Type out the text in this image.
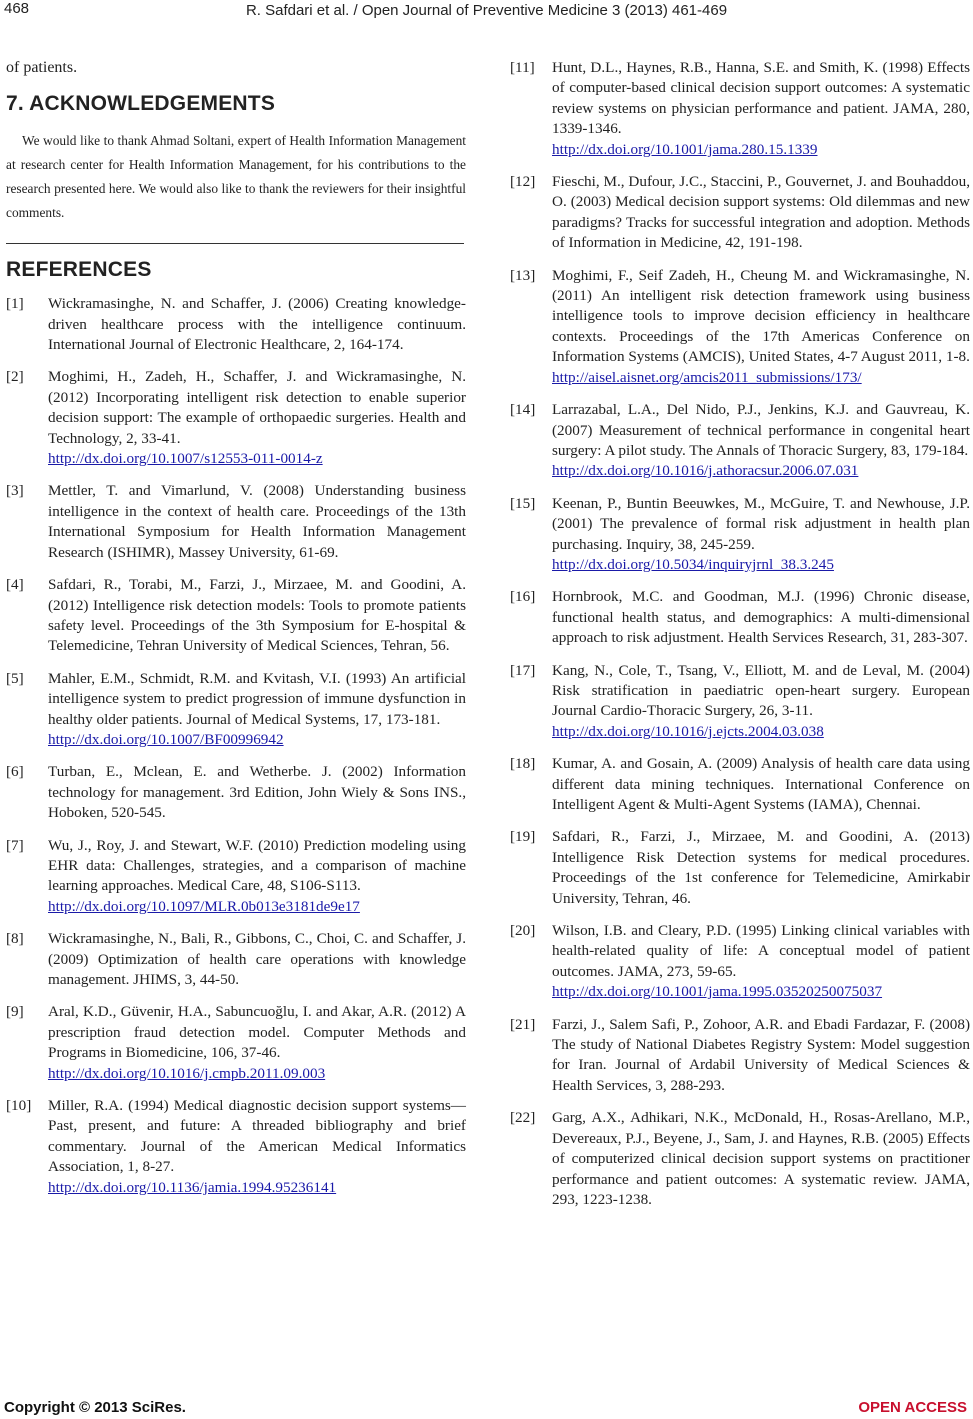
468	R. Safdari et al. / Open Journal of Preventive Medicine 3 (2013) 461-469

of patients.

7. ACKNOWLEDGEMENTS

We would like to thank Ahmad Soltani, expert of Health Information Management at research center for Health Information Management, for his contributions to the research presented here. We would also like to thank the reviewers for their insightful comments.

REFERENCES
[1]	Wickramasinghe, N. and Schaffer, J. (2006) Creating knowledge-driven healthcare process with the intelligence continuum. International Journal of Electronic Healthcare, 2, 164-174.
[2]	Moghimi, H., Zadeh, H., Schaffer, J. and Wickramasinghe, N. (2012) Incorporating intelligent risk detection to enable superior decision support: The example of orthopaedic surgeries. Health and Technology, 2, 33-41.
http://dx.doi.org/10.1007/s12553-011-0014-z
[3]	Mettler, T. and Vimarlund, V. (2008) Understanding business intelligence in the context of health care. Proceedings of the 13th International Symposium for Health Information Management Research (ISHIMR), Massey University, 61-69.
[4]	Safdari, R., Torabi, M., Farzi, J., Mirzaee, M. and Goodini, A. (2012) Intelligence risk detection models: Tools to promote patients safety level. Proceedings of the 3th Symposium for E-hospital & Telemedicine, Tehran University of Medical Sciences, Tehran, 56.
[5]	Mahler, E.M., Schmidt, R.M. and Kvitash, V.I. (1993) An artificial intelligence system to predict progression of immune dysfunction in healthy older patients. Journal of Medical Systems, 17, 173-181.
http://dx.doi.org/10.1007/BF00996942
[6]	Turban, E., Mclean, E. and Wetherbe. J. (2002) Information technology for management. 3rd Edition, John Wiely & Sons INS., Hoboken, 520-545.
[7]	Wu, J., Roy, J. and Stewart, W.F. (2010) Prediction modeling using EHR data: Challenges, strategies, and a comparison of machine learning approaches. Medical Care, 48, S106-S113.
http://dx.doi.org/10.1097/MLR.0b013e3181de9e17
[8]	Wickramasinghe, N., Bali, R., Gibbons, C., Choi, C. and Schaffer, J. (2009) Optimization of health care operations with knowledge management. JHIMS, 3, 44-50.
[9]	Aral, K.D., Güvenir, H.A., Sabuncuoğlu, I. and Akar, A.R. (2012) A prescription fraud detection model. Computer Methods and Programs in Biomedicine, 106, 37-46.
http://dx.doi.org/10.1016/j.cmpb.2011.09.003
[10]	Miller, R.A. (1994) Medical diagnostic decision support systems—Past, present, and future: A threaded bibliography and brief commentary. Journal of the American Medical Informatics Association, 1, 8-27.
http://dx.doi.org/10.1136/jamia.1994.95236141
[11]	Hunt, D.L., Haynes, R.B., Hanna, S.E. and Smith, K. (1998) Effects of computer-based clinical decision support outcomes: A systematic review systems on physician performance and patient. JAMA, 280, 1339-1346.
http://dx.doi.org/10.1001/jama.280.15.1339
[12]	Fieschi, M., Dufour, J.C., Staccini, P., Gouvernet, J. and Bouhaddou, O. (2003) Medical decision support systems: Old dilemmas and new paradigms? Tracks for successful integration and adoption. Methods of Information in Medicine, 42, 191-198.
[13]	Moghimi, F., Seif Zadeh, H., Cheung M. and Wickramasinghe, N. (2011) An intelligent risk detection framework using business intelligence tools to improve decision efficiency in healthcare contexts. Proceedings of the 17th Americas Conference on Information Systems (AMCIS), United States, 4-7 August 2011, 1-8.
http://aisel.aisnet.org/amcis2011_submissions/173/
[14]	Larrazabal, L.A., Del Nido, P.J., Jenkins, K.J. and Gauvreau, K. (2007) Measurement of technical performance in congenital heart surgery: A pilot study. The Annals of Thoracic Surgery, 83, 179-184.
http://dx.doi.org/10.1016/j.athoracsur.2006.07.031
[15]	Keenan, P., Buntin Beeuwkes, M., McGuire, T. and Newhouse, J.P. (2001) The prevalence of formal risk adjustment in health plan purchasing. Inquiry, 38, 245-259.
http://dx.doi.org/10.5034/inquiryjrnl_38.3.245
[16]	Hornbrook, M.C. and Goodman, M.J. (1996) Chronic disease, functional health status, and demographics: A multi-dimensional approach to risk adjustment. Health Services Research, 31, 283-307.
[17]	Kang, N., Cole, T., Tsang, V., Elliott, M. and de Leval, M. (2004) Risk stratification in paediatric open-heart surgery. European Journal Cardio-Thoracic Surgery, 26, 3-11.
http://dx.doi.org/10.1016/j.ejcts.2004.03.038
[18]	Kumar, A. and Gosain, A. (2009) Analysis of health care data using different data mining techniques. International Conference on Intelligent Agent & Multi-Agent Systems (IAMA), Chennai.
[19]	Safdari, R., Farzi, J., Mirzaee, M. and Goodini, A. (2013) Intelligence Risk Detection systems for medical procedures. Proceedings of the 1st conference for Telemedicine, Amirkabir University, Tehran, 46.
[20]	Wilson, I.B. and Cleary, P.D. (1995) Linking clinical variables with health-related quality of life: A conceptual model of patient outcomes. JAMA, 273, 59-65.
http://dx.doi.org/10.1001/jama.1995.03520250075037
[21]	Farzi, J., Salem Safi, P., Zohoor, A.R. and Ebadi Fardazar, F. (2008) The study of National Diabetes Registry System: Model suggestion for Iran. Journal of Ardabil University of Medical Sciences & Health Services, 3, 288-293.
[22]	Garg, A.X., Adhikari, N.K., McDonald, H., Rosas-Arellano, M.P., Devereaux, P.J., Beyene, J., Sam, J. and Haynes, R.B. (2005) Effects of computerized clinical decision support systems on practitioner performance and patient outcomes: A systematic review. JAMA, 293, 1223-1238.
Copyright © 2013 SciRes.	OPEN ACCESS
